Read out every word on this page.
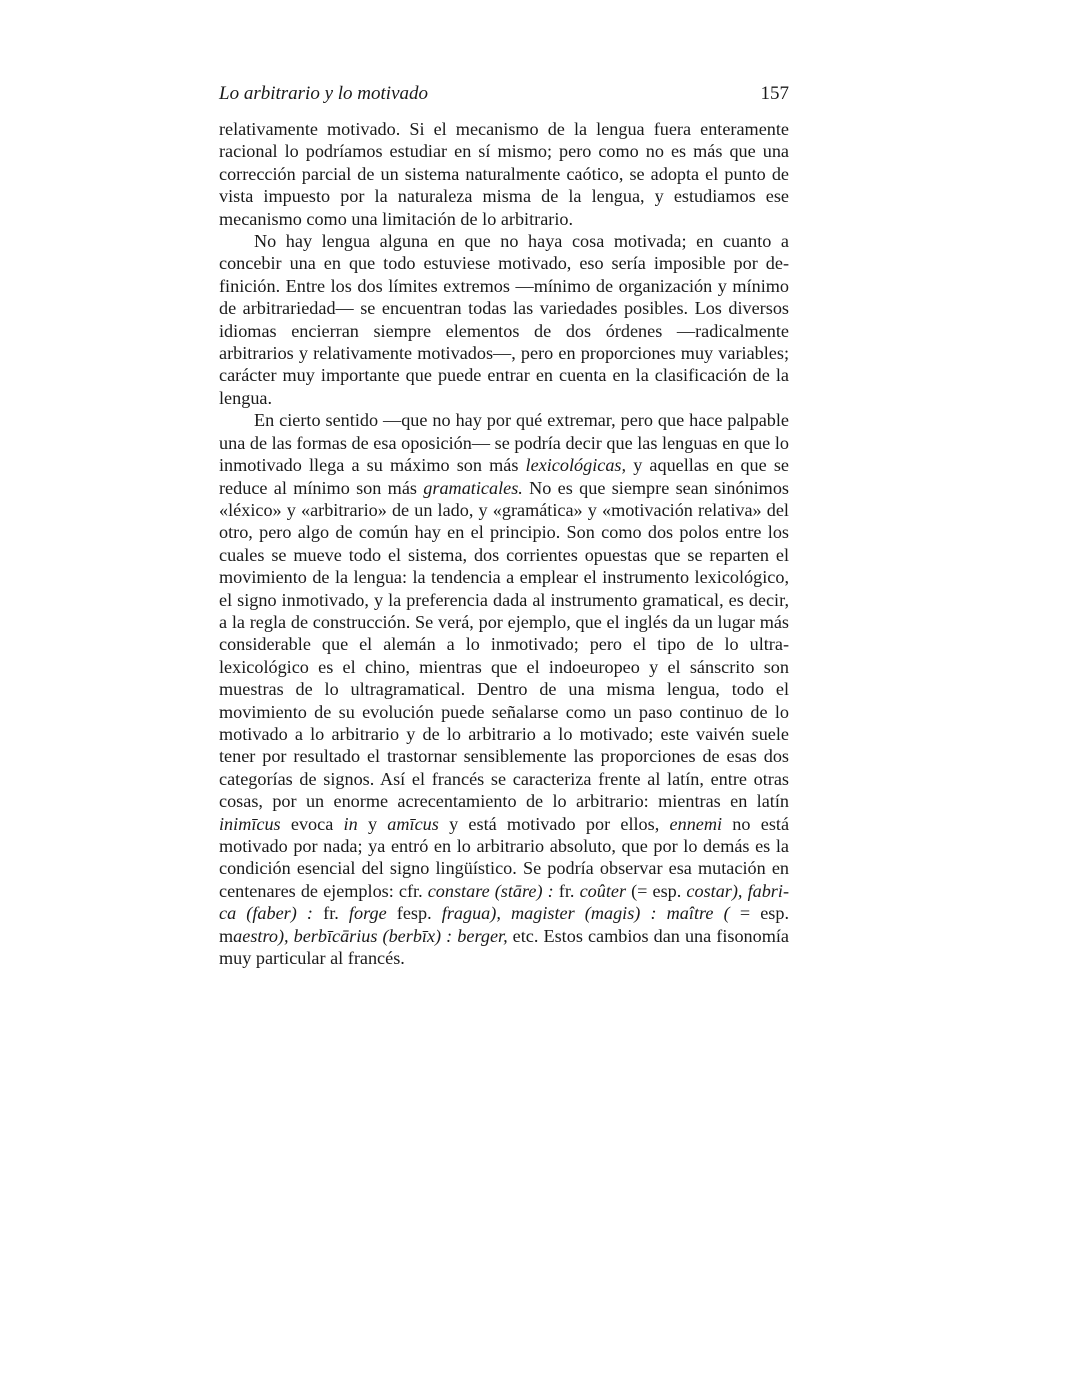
Lo arbitrario y lo motivado	157

relativamente motivado. Si el mecanismo de la lengua fuera enteramente racional lo podríamos estudiar en sí mismo; pero como no es más que una corrección parcial de un sistema naturalmente caótico, se adopta el punto de vista impuesto por la naturaleza misma de la lengua, y estudiamos ese mecanismo como una limitación de lo arbitrario.

No hay lengua alguna en que no haya cosa motivada; en cuanto a concebir una en que todo estuviese motivado, eso sería imposible por definición. Entre los dos límites extremos —mínimo de organización y mínimo de arbitrariedad— se encuentran todas las variedades posibles. Los diversos idiomas encierran siempre elementos de dos órdenes —radicalmente arbitrarios y relativamente motivados—, pero en proporciones muy variables; carácter muy importante que puede entrar en cuenta en la clasificación de la lengua.

En cierto sentido —que no hay por qué extremar, pero que hace palpable una de las formas de esa oposición— se podría decir que las lenguas en que lo inmotivado llega a su máximo son más lexicológicas, y aquellas en que se reduce al mínimo son más gramaticales. No es que siempre sean sinónimos «léxico» y «arbitrario» de un lado, y «gramática» y «motivación relativa» del otro, pero algo de común hay en el principio. Son como dos polos entre los cuales se mueve todo el sistema, dos corrientes opuestas que se reparten el movimiento de la lengua: la tendencia a emplear el instrumento lexicológico, el signo inmotivado, y la preferencia dada al instrumento gramatical, es decir, a la regla de construcción. Se verá, por ejemplo, que el inglés da un lugar más considerable que el alemán a lo inmotivado; pero el tipo de lo ultra-lexicológico es el chino, mientras que el indoeuropeo y el sánscrito son muestras de lo ultragramatical. Dentro de una misma lengua, todo el movimiento de su evolución puede señalarse como un paso continuo de lo motivado a lo arbitrario y de lo arbitrario a lo motivado; este vaivén suele tener por resultado el trastornar sensiblemente las proporciones de esas dos categorías de signos. Así el francés se caracteriza frente al latín, entre otras cosas, por un enorme acrecentamiento de lo arbitrario: mientras en latín inimīcus evoca in y amīcus y está motivado por ellos, ennemi no está motivado por nada; ya entró en lo arbitrario absoluto, que por lo demás es la condición esencial del signo lingüístico. Se podría observar esa mutación en centenares de ejemplos: cfr. constare (stāre) : fr. coûter (= esp. costar), fabrica (faber) : fr. forge fesp. fragua), magister (magis) : maître ( = esp. maestro), berbīcārius (berbīx) : berger, etc. Estos cambios dan una fisonomía muy particular al francés.
